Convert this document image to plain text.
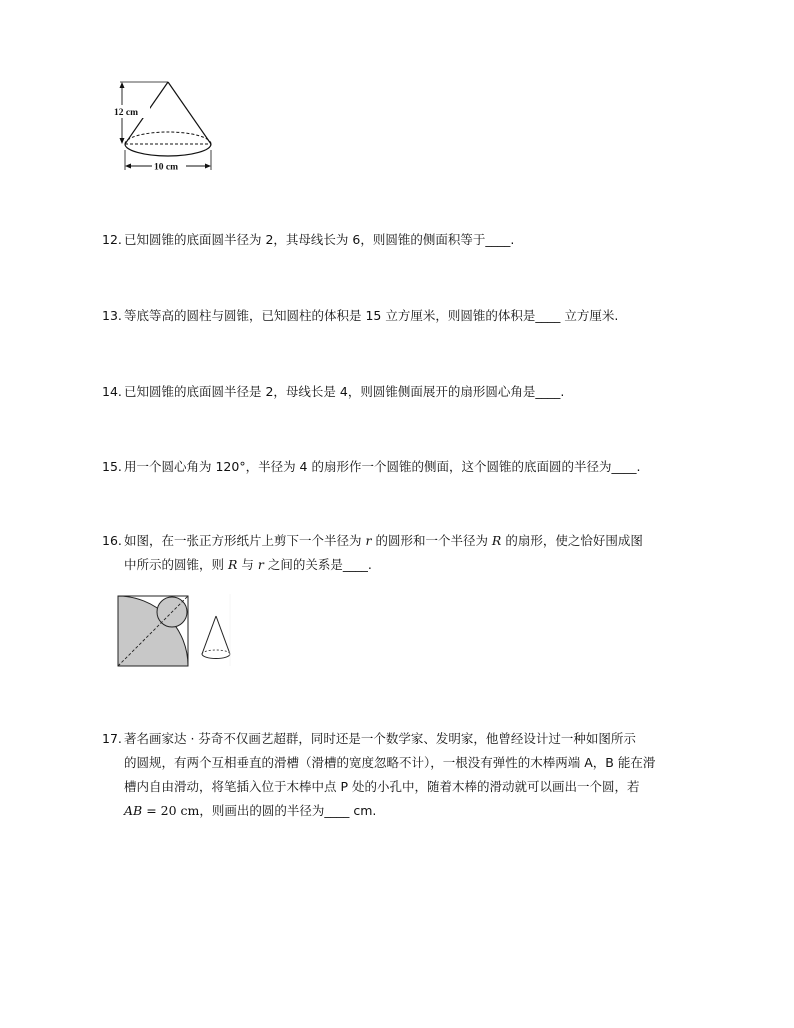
12 cm
10 cm
12. 已知圆锥的底面圆半径为 2，其母线长为 6，则圆锥的侧面积等于____.
13. 等底等高的圆柱与圆锥，已知圆柱的体积是 15 立方厘米，则圆锥的体积是____ 立方厘米.
14. 已知圆锥的底面圆半径是 2，母线长是 4，则圆锥侧面展开的扇形圆心角是____.
15. 用一个圆心角为 120°，半径为 4 的扇形作一个圆锥的侧面，这个圆锥的底面圆的半径为____.
16. 如图，在一张正方形纸片上剪下一个半径为 r 的圆形和一个半径为 R 的扇形，使之恰好围成图
中所示的圆锥，则 R 与 r 之间的关系是____.
17. 著名画家达 · 芬奇不仅画艺超群，同时还是一个数学家、发明家，他曾经设计过一种如图所示
的圆规，有两个互相垂直的滑槽（滑槽的宽度忽略不计），一根没有弹性的木棒两端 A，B 能在滑
槽内自由滑动，将笔插入位于木棒中点 P 处的小孔中，随着木棒的滑动就可以画出一个圆，若
AB = 20 cm，则画出的圆的半径为____ cm.
